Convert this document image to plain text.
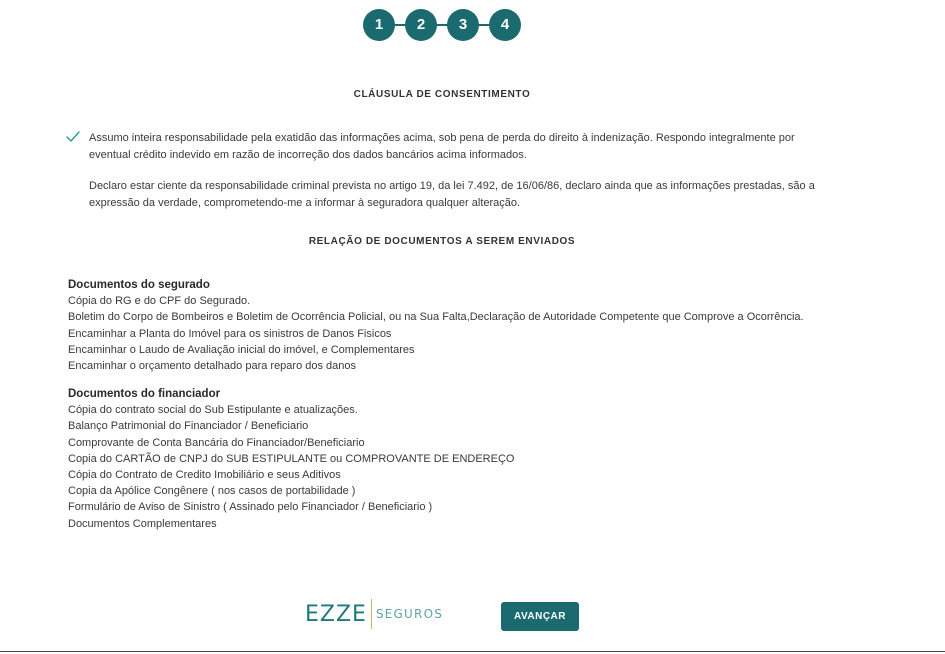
1	2	3	4
CLÁUSULA DE CONSENTIMENTO
Assumo inteira responsabilidade pela exatidão das informações acima, sob pena de perda do direito à indenização. Respondo integralmente por eventual crédito indevido em razão de incorreção dos dados bancários acima informados.
Declaro estar ciente da responsabilidade criminal prevista no artigo 19, da lei 7.492, de 16/06/86, declaro ainda que as informações prestadas, são a expressão da verdade, comprometendo-me a informar à seguradora qualquer alteração.
RELAÇÃO DE DOCUMENTOS A SEREM ENVIADOS
Documentos do segurado
Cópia do RG e do CPF do Segurado.
Boletim do Corpo de Bombeiros e Boletim de Ocorrência Policial, ou na Sua Falta,Declaração de Autoridade Competente que Comprove a Ocorrência.
Encaminhar a Planta do Imóvel para os sinistros de Danos Fisicos
Encaminhar o Laudo de Avaliação inicial do imóvel, e Complementares
Encaminhar o orçamento detalhado para reparo dos danos
Documentos do financiador
Cópia do contrato social do Sub Estipulante e atualizações.
Balanço Patrimonial do Financiador / Beneficiario
Comprovante de Conta Bancária do Financiador/Beneficiario
Copia do CARTÃO de CNPJ do SUB ESTIPULANTE ou COMPROVANTE DE ENDEREÇO
Cópia do Contrato de Credito Imobiliário e seus Aditivos
Copia da Apólice Congênere ( nos casos de portabilidade )
Formulário de Aviso de Sinistro ( Assinado pelo Financiador / Beneficiario )
Documentos Complementares
EZZE SEGUROS	AVANÇAR
